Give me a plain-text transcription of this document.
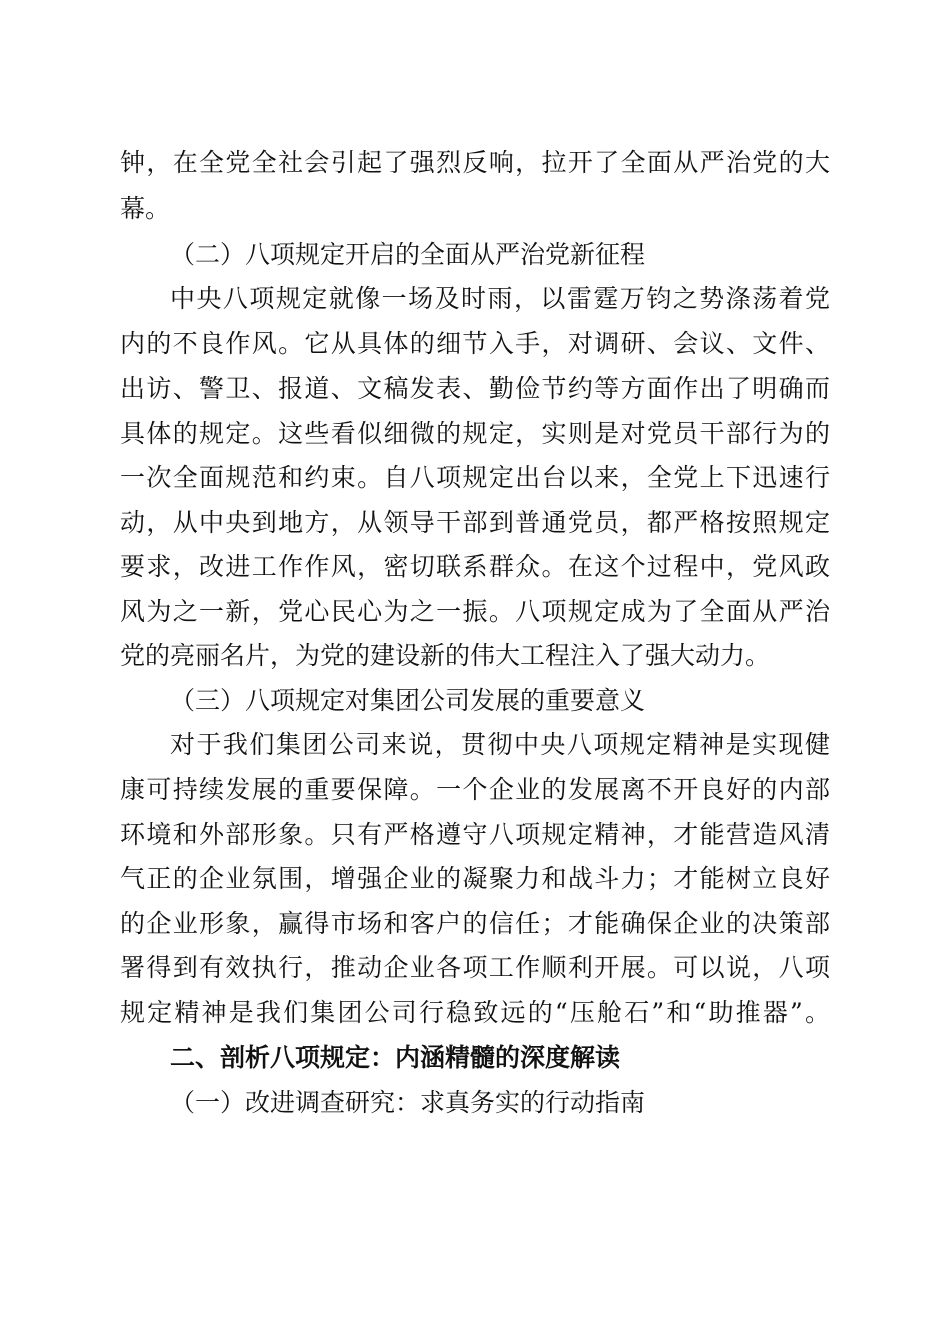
钟，在全党全社会引起了强烈反响，拉开了全面从严治党的大
幕。
（二）八项规定开启的全面从严治党新征程
中央八项规定就像一场及时雨，以雷霆万钧之势涤荡着党
内的不良作风。它从具体的细节入手，对调研、会议、文件、
出访、警卫、报道、文稿发表、勤俭节约等方面作出了明确而
具体的规定。这些看似细微的规定，实则是对党员干部行为的
一次全面规范和约束。自八项规定出台以来，全党上下迅速行
动，从中央到地方，从领导干部到普通党员，都严格按照规定
要求，改进工作作风，密切联系群众。在这个过程中，党风政
风为之一新，党心民心为之一振。八项规定成为了全面从严治
党的亮丽名片，为党的建设新的伟大工程注入了强大动力。
（三）八项规定对集团公司发展的重要意义
对于我们集团公司来说，贯彻中央八项规定精神是实现健
康可持续发展的重要保障。一个企业的发展离不开良好的内部
环境和外部形象。只有严格遵守八项规定精神，才能营造风清
气正的企业氛围，增强企业的凝聚力和战斗力；才能树立良好
的企业形象，赢得市场和客户的信任；才能确保企业的决策部
署得到有效执行，推动企业各项工作顺利开展。可以说，八项
规定精神是我们集团公司行稳致远的“压舱石”和“助推器”。
二、剖析八项规定：内涵精髓的深度解读
（一）改进调查研究：求真务实的行动指南
